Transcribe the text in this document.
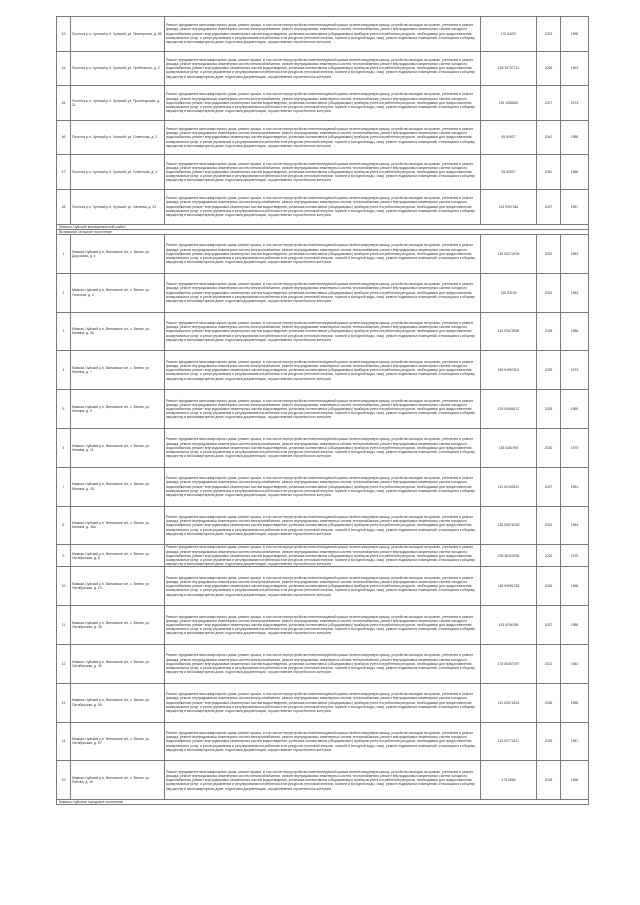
43	Поселок р.п. Чунский р.п. Чунский, ул. Пионерская, д. 56	Ремонт фундамента многоквартирного дома, ремонт крыши, в том числе переустройство невентилируемой крыши на вентилируемую крышу, устройство выходов на кровлю, утепление и ремонт фасада, ремонт внутридомовых инженерных систем электроснабжения, ремонт внутридомовых инженерных систем теплоснабжения, ремонт внутридомовых инженерных систем холодного водоснабжения, ремонт внутридомовых инженерных систем водоотведения, установка коллективных (общедомовых) приборов учета потребления ресурсов, необходимых для предоставления коммунальных услуг, и узлов управления и регулирования потребления этих ресурсов (тепловой энергии, горячей и холодной воды, газа), ремонт подвальных помещений, относящихся к общему имуществу в многоквартирном доме, подготовка документации, осуществление строительного контроля	175 64257	2023	1958
44	Поселок р.п. Чунский р.п. Чунский, ул. Пребежного, д. 2	Ремонт фундамента многоквартирного дома, ремонт крыши, в том числе переустройство невентилируемой крыши на вентилируемую крышу, устройство выходов на кровлю, утепление и ремонт фасада, ремонт внутридомовых инженерных систем электроснабжения, ремонт внутридомовых инженерных систем теплоснабжения, ремонт внутридомовых инженерных систем холодного водоснабжения, ремонт внутридомовых инженерных систем водоотведения, установка коллективных (общедомовых) приборов учета потребления ресурсов, необходимых для предоставления коммунальных услуг, и узлов управления и регулирования потребления этих ресурсов (тепловой энергии, горячей и холодной воды, газа), ремонт подвальных помещений, относящихся к общему имуществу в многоквартирном доме, подготовка документации, осуществление строительного контроля	135 34767711	2026	1963
45	Поселок р.п. Чунский р.п. Чунский, ул. Пролетарская, д. 21	Ремонт фундамента многоквартирного дома, ремонт крыши, в том числе переустройство невентилируемой крыши на вентилируемую крышу, устройство выходов на кровлю, утепление и ремонт фасада, ремонт внутридомовых инженерных систем электроснабжения, ремонт внутридомовых инженерных систем теплоснабжения, ремонт внутридомовых инженерных систем холодного водоснабжения, ремонт внутридомовых инженерных систем водоотведения, установка коллективных (общедомовых) приборов учета потребления ресурсов, необходимых для предоставления коммунальных услуг, и узлов управления и регулирования потребления этих ресурсов (тепловой энергии, горячей и холодной воды, газа), ремонт подвальных помещений, относящихся к общему имуществу в многоквартирном доме, подготовка документации, осуществление строительного контроля	135 3358652	2027	1974
46	Поселок р.п. Чунский р.п. Чунский, ул. Советская, д. 2	Ремонт фундамента многоквартирного дома, ремонт крыши, в том числе переустройство невентилируемой крыши на вентилируемую крышу, устройство выходов на кровлю, утепление и ремонт фасада, ремонт внутридомовых инженерных систем электроснабжения, ремонт внутридомовых инженерных систем теплоснабжения, ремонт внутридомовых инженерных систем холодного водоснабжения, ремонт внутридомовых инженерных систем водоотведения, установка коллективных (общедомовых) приборов учета потребления ресурсов, необходимых для предоставления коммунальных услуг, и узлов управления и регулирования потребления этих ресурсов (тепловой энергии, горячей и холодной воды, газа), ремонт подвальных помещений, относящихся к общему имуществу в многоквартирном доме, подготовка документации, осуществление строительного контроля	95 60527	2042	1988
47	Поселок р.п. Чунский р.п. Чунский, ул. Советская, д. 4	Ремонт фундамента многоквартирного дома, ремонт крыши, в том числе переустройство невентилируемой крыши на вентилируемую крышу, устройство выходов на кровлю, утепление и ремонт фасада, ремонт внутридомовых инженерных систем электроснабжения, ремонт внутридомовых инженерных систем теплоснабжения, ремонт внутридомовых инженерных систем холодного водоснабжения, ремонт внутридомовых инженерных систем водоотведения, установка коллективных (общедомовых) приборов учета потребления ресурсов, необходимых для предоставления коммунальных услуг, и узлов управления и регулирования потребления этих ресурсов (тепловой энергии, горячей и холодной воды, газа), ремонт подвальных помещений, относящихся к общему имуществу в многоквартирном доме, подготовка документации, осуществление строительного контроля	95 60527	2042	1988
48	Поселок р.п. Чунский р.п. Чунский, ул. Чапаева, д. 23	Ремонт фундамента многоквартирного дома, ремонт крыши, в том числе переустройство невентилируемой крыши на вентилируемую крышу, устройство выходов на кровлю, утепление и ремонт фасада, ремонт внутридомовых инженерных систем электроснабжения, ремонт внутридомовых инженерных систем теплоснабжения, ремонт внутридомовых инженерных систем холодного водоснабжения, ремонт внутридомовых инженерных систем водоотведения, установка коллективных (общедомовых) приборов учета потребления ресурсов, необходимых для предоставления коммунальных услуг, и узлов управления и регулирования потребления этих ресурсов (тепловой энергии, горячей и холодной воды, газа), ремонт подвальных помещений, относящихся к общему имуществу в многоквартирном доме, подготовка документации, осуществление строительного контроля	115 5397346	2037	1987
Мамско-Чуйский муниципальный район					
Витимское сельское поселение					
1	Мамско-Чуйский р-н, Витимское с/п, с. Витим, ул. Дорожная, д. 4	Ремонт фундамента многоквартирного дома, ремонт крыши, в том числе переустройство невентилируемой крыши на вентилируемую крышу, устройство выходов на кровлю, утепление и ремонт фасада, ремонт внутридомовых инженерных систем электроснабжения, ремонт внутридомовых инженерных систем теплоснабжения, ремонт внутридомовых инженерных систем холодного водоснабжения, ремонт внутридомовых инженерных систем водоотведения, установка коллективных (общедомовых) приборов учета потребления ресурсов, необходимых для предоставления коммунальных услуг, и узлов управления и регулирования потребления этих ресурсов (тепловой энергии, горячей и холодной воды, газа), ремонт подвальных помещений, относящихся к общему имуществу в многоквартирном доме, подготовка документации, осуществление строительного контроля	135 53172409	2032	1983
2	Мамско-Чуйский р-н, Витимское с/п, с. Витим, ул. Геологов, д. 2	Ремонт фундамента многоквартирного дома, ремонт крыши, в том числе переустройство невентилируемой крыши на вентилируемую крышу, устройство выходов на кровлю, утепление и ремонт фасада, ремонт внутридомовых инженерных систем электроснабжения, ремонт внутридомовых инженерных систем теплоснабжения, ремонт внутридомовых инженерных систем холодного водоснабжения, ремонт внутридомовых инженерных систем водоотведения, установка коллективных (общедомовых) приборов учета потребления ресурсов, необходимых для предоставления коммунальных услуг, и узлов управления и регулирования потребления этих ресурсов (тепловой энергии, горячей и холодной воды, газа), ремонт подвальных помещений, относящихся к общему имуществу в многоквартирном доме, подготовка документации, осуществление строительного контроля	135 53153	2032	1983
3	Мамско-Чуйский р-н, Витимское с/п, с. Витим, ул. Минина, д. 5а	Ремонт фундамента многоквартирного дома, ремонт крыши, в том числе переустройство невентилируемой крыши на вентилируемую крышу, устройство выходов на кровлю, утепление и ремонт фасада, ремонт внутридомовых инженерных систем электроснабжения, ремонт внутридомовых инженерных систем теплоснабжения, ремонт внутридомовых инженерных систем холодного водоснабжения, ремонт внутридомовых инженерных систем водоотведения, установка коллективных (общедомовых) приборов учета потребления ресурсов, необходимых для предоставления коммунальных услуг, и узлов управления и регулирования потребления этих ресурсов (тепловой энергии, горячей и холодной воды, газа), ремонт подвальных помещений, относящихся к общему имуществу в многоквартирном доме, подготовка документации, осуществление строительного контроля	115 52672896	2038	1988
4	Мамско-Чуйский р-н, Витимское с/п, с. Витим, ул. Минина, д. 7	Ремонт фундамента многоквартирного дома, ремонт крыши, в том числе переустройство невентилируемой крыши на вентилируемую крышу, устройство выходов на кровлю, утепление и ремонт фасада, ремонт внутридомовых инженерных систем электроснабжения, ремонт внутридомовых инженерных систем теплоснабжения, ремонт внутридомовых инженерных систем холодного водоснабжения, ремонт внутридомовых инженерных систем водоотведения, установка коллективных (общедомовых) приборов учета потребления ресурсов, необходимых для предоставления коммунальных услуг, и узлов управления и регулирования потребления этих ресурсов (тепловой энергии, горячей и холодной воды, газа), ремонт подвальных помещений, относящихся к общему имуществу в многоквартирном доме, подготовка документации, осуществление строительного контроля	155 54967801	2029	1973
5	Мамско-Чуйский р-н, Витимское с/п, с. Витим, ул. Минина, д. 9	Ремонт фундамента многоквартирного дома, ремонт крыши, в том числе переустройство невентилируемой крыши на вентилируемую крышу, устройство выходов на кровлю, утепление и ремонт фасада, ремонт внутридомовых инженерных систем электроснабжения, ремонт внутридомовых инженерных систем теплоснабжения, ремонт внутридомовых инженерных систем холодного водоснабжения, ремонт внутридомовых инженерных систем водоотведения, установка коллективных (общедомовых) приборов учета потребления ресурсов, необходимых для предоставления коммунальных услуг, и узлов управления и регулирования потребления этих ресурсов (тепловой энергии, горячей и холодной воды, газа), ремонт подвальных помещений, относящихся к общему имуществу в многоквартирном доме, подготовка документации, осуществление строительного контроля	125 54566137	2025	1969
6	Мамско-Чуйский р-н, Витимское с/п, с. Витим, ул. Минина, д. 11	Ремонт фундамента многоквартирного дома, ремонт крыши, в том числе переустройство невентилируемой крыши на вентилируемую крышу, устройство выходов на кровлю, утепление и ремонт фасада, ремонт внутридомовых инженерных систем электроснабжения, ремонт внутридомовых инженерных систем теплоснабжения, ремонт внутридомовых инженерных систем холодного водоснабжения, ремонт внутридомовых инженерных систем водоотведения, установка коллективных (общедомовых) приборов учета потребления ресурсов, необходимых для предоставления коммунальных услуг, и узлов управления и регулирования потребления этих ресурсов (тепловой энергии, горячей и холодной воды, газа), ремонт подвальных помещений, относящихся к общему имуществу в многоквартирном доме, подготовка документации, осуществление строительного контроля	135 5381991	2030	1975
7	Мамско-Чуйский р-н, Витимское с/п, с. Витим, ул. Минина, д. 26	Ремонт фундамента многоквартирного дома, ремонт крыши, в том числе переустройство невентилируемой крыши на вентилируемую крышу, устройство выходов на кровлю, утепление и ремонт фасада, ремонт внутридомовых инженерных систем электроснабжения, ремонт внутридомовых инженерных систем теплоснабжения, ремонт внутридомовых инженерных систем холодного водоснабжения, ремонт внутридомовых инженерных систем водоотведения, установка коллективных (общедомовых) приборов учета потребления ресурсов, необходимых для предоставления коммунальных услуг, и узлов управления и регулирования потребления этих ресурсов (тепловой энергии, горячей и холодной воды, газа), ремонт подвальных помещений, относящихся к общему имуществу в многоквартирном доме, подготовка документации, осуществление строительного контроля	115 52063512	2037	1981
8	Мамско-Чуйский р-н, Витимское с/п, с. Витим, ул. Минина, д. 36а	Ремонт фундамента многоквартирного дома, ремонт крыши, в том числе переустройство невентилируемой крыши на вентилируемую крышу, устройство выходов на кровлю, утепление и ремонт фасада, ремонт внутридомовых инженерных систем электроснабжения, ремонт внутридомовых инженерных систем теплоснабжения, ремонт внутридомовых инженерных систем холодного водоснабжения, ремонт внутридомовых инженерных систем водоотведения, установка коллективных (общедомовых) приборов учета потребления ресурсов, необходимых для предоставления коммунальных услуг, и узлов управления и регулирования потребления этих ресурсов (тепловой энергии, горячей и холодной воды, газа), ремонт подвальных помещений, относящихся к общему имуществу в многоквартирном доме, подготовка документации, осуществление строительного контроля	135 50676235	2032	1984
9	Мамско-Чуйский р-н, Витимское с/п, с. Витим, ул. Октябрьская, д. 8	Ремонт фундамента многоквартирного дома, ремонт крыши, в том числе переустройство невентилируемой крыши на вентилируемую крышу, устройство выходов на кровлю, утепление и ремонт фасада, ремонт внутридомовых инженерных систем электроснабжения, ремонт внутридомовых инженерных систем теплоснабжения, ремонт внутридомовых инженерных систем холодного водоснабжения, ремонт внутридомовых инженерных систем водоотведения, установка коллективных (общедомовых) приборов учета потребления ресурсов, необходимых для предоставления коммунальных услуг, и узлов управления и регулирования потребления этих ресурсов (тепловой энергии, горячей и холодной воды, газа), ремонт подвальных помещений, относящихся к общему имуществу в многоквартирном доме, подготовка документации, осуществление строительного контроля	225 36110095	2016	1975
10	Мамско-Чуйский р-н, Витимское с/п, с. Витим, ул. Октябрьская, д. 10	Ремонт фундамента многоквартирного дома, ремонт крыши, в том числе переустройство невентилируемой крыши на вентилируемую крышу, устройство выходов на кровлю, утепление и ремонт фасада, ремонт внутридомовых инженерных систем электроснабжения, ремонт внутридомовых инженерных систем теплоснабжения, ремонт внутридомовых инженерных систем холодного водоснабжения, ремонт внутридомовых инженерных систем водоотведения, установка коллективных (общедомовых) приборов учета потребления ресурсов, необходимых для предоставления коммунальных услуг, и узлов управления и регулирования потребления этих ресурсов (тепловой энергии, горячей и холодной воды, газа), ремонт подвальных помещений, относящихся к общему имуществу в многоквартирном доме, подготовка документации, осуществление строительного контроля	135 54981783	2026	1968
11	Мамско-Чуйский р-н, Витимское с/п, с. Витим, ул. Октябрьская, д. 28	Ремонт фундамента многоквартирного дома, ремонт крыши, в том числе переустройство невентилируемой крыши на вентилируемую крышу, устройство выходов на кровлю, утепление и ремонт фасада, ремонт внутридомовых инженерных систем электроснабжения, ремонт внутридомовых инженерных систем теплоснабжения, ремонт внутридомовых инженерных систем холодного водоснабжения, ремонт внутридомовых инженерных систем водоотведения, установка коллективных (общедомовых) приборов учета потребления ресурсов, необходимых для предоставления коммунальных услуг, и узлов управления и регулирования потребления этих ресурсов (тепловой энергии, горячей и холодной воды, газа), ремонт подвальных помещений, относящихся к общему имуществу в многоквартирном доме, подготовка документации, осуществление строительного контроля	115 5296786	2037	1988
12	Мамско-Чуйский р-н, Витимское с/п, с. Витим, ул. Октябрьская, д. 49	Ремонт фундамента многоквартирного дома, ремонт крыши, в том числе переустройство невентилируемой крыши на вентилируемую крышу, устройство выходов на кровлю, утепление и ремонт фасада, ремонт внутридомовых инженерных систем электроснабжения, ремонт внутридомовых инженерных систем теплоснабжения, ремонт внутридомовых инженерных систем холодного водоснабжения, ремонт внутридомовых инженерных систем водоотведения, установка коллективных (общедомовых) приборов учета потребления ресурсов, необходимых для предоставления коммунальных услуг, и узлов управления и регулирования потребления этих ресурсов (тепловой энергии, горячей и холодной воды, газа), ремонт подвальных помещений, относящихся к общему имуществу в многоквартирном доме, подготовка документации, осуществление строительного контроля	175 55267397	2021	1962
13	Мамско-Чуйский р-н, Витимское с/п, с. Витим, ул. Октябрьская, д. 56	Ремонт фундамента многоквартирного дома, ремонт крыши, в том числе переустройство невентилируемой крыши на вентилируемую крышу, устройство выходов на кровлю, утепление и ремонт фасада, ремонт внутридомовых инженерных систем электроснабжения, ремонт внутридомовых инженерных систем теплоснабжения, ремонт внутридомовых инженерных систем холодного водоснабжения, ремонт внутридомовых инженерных систем водоотведения, установка коллективных (общедомовых) приборов учета потребления ресурсов, необходимых для предоставления коммунальных услуг, и узлов управления и регулирования потребления этих ресурсов (тепловой энергии, горячей и холодной воды, газа), ремонт подвальных помещений, относящихся к общему имуществу в многоквартирном доме, подготовка документации, осуществление строительного контроля	115 52671833	2036	1988
14	Мамско-Чуйский р-н, Витимское с/п, с. Витим, ул. Октябрьская, д. 57	Ремонт фундамента многоквартирного дома, ремонт крыши, в том числе переустройство невентилируемой крыши на вентилируемую крышу, устройство выходов на кровлю, утепление и ремонт фасада, ремонт внутридомовых инженерных систем электроснабжения, ремонт внутридомовых инженерных систем теплоснабжения, ремонт внутридомовых инженерных систем холодного водоснабжения, ремонт внутридомовых инженерных систем водоотведения, установка коллективных (общедомовых) приборов учета потребления ресурсов, необходимых для предоставления коммунальных услуг, и узлов управления и регулирования потребления этих ресурсов (тепловой энергии, горячей и холодной воды, газа), ремонт подвальных помещений, относящихся к общему имуществу в многоквартирном доме, подготовка документации, осуществление строительного контроля	115 52772427	2039	1987
15	Мамско-Чуйский р-н, Витимское с/п, с. Витим, ул. Рябова, д. 46	Ремонт фундамента многоквартирного дома, ремонт крыши, в том числе переустройство невентилируемой крыши на вентилируемую крышу, устройство выходов на кровлю, утепление и ремонт фасада, ремонт внутридомовых инженерных систем электроснабжения, ремонт внутридомовых инженерных систем теплоснабжения, ремонт внутридомовых инженерных систем холодного водоснабжения, ремонт внутридомовых инженерных систем водоотведения, установка коллективных (общедомовых) приборов учета потребления ресурсов, необходимых для предоставления коммунальных услуг, и узлов управления и регулирования потребления этих ресурсов (тепловой энергии, горячей и холодной воды, газа), ремонт подвальных помещений, относящихся к общему имуществу в многоквартирном доме, подготовка документации, осуществление строительного контроля	175 5566	2018	1956
Мамско-Чуйское городское поселение					
